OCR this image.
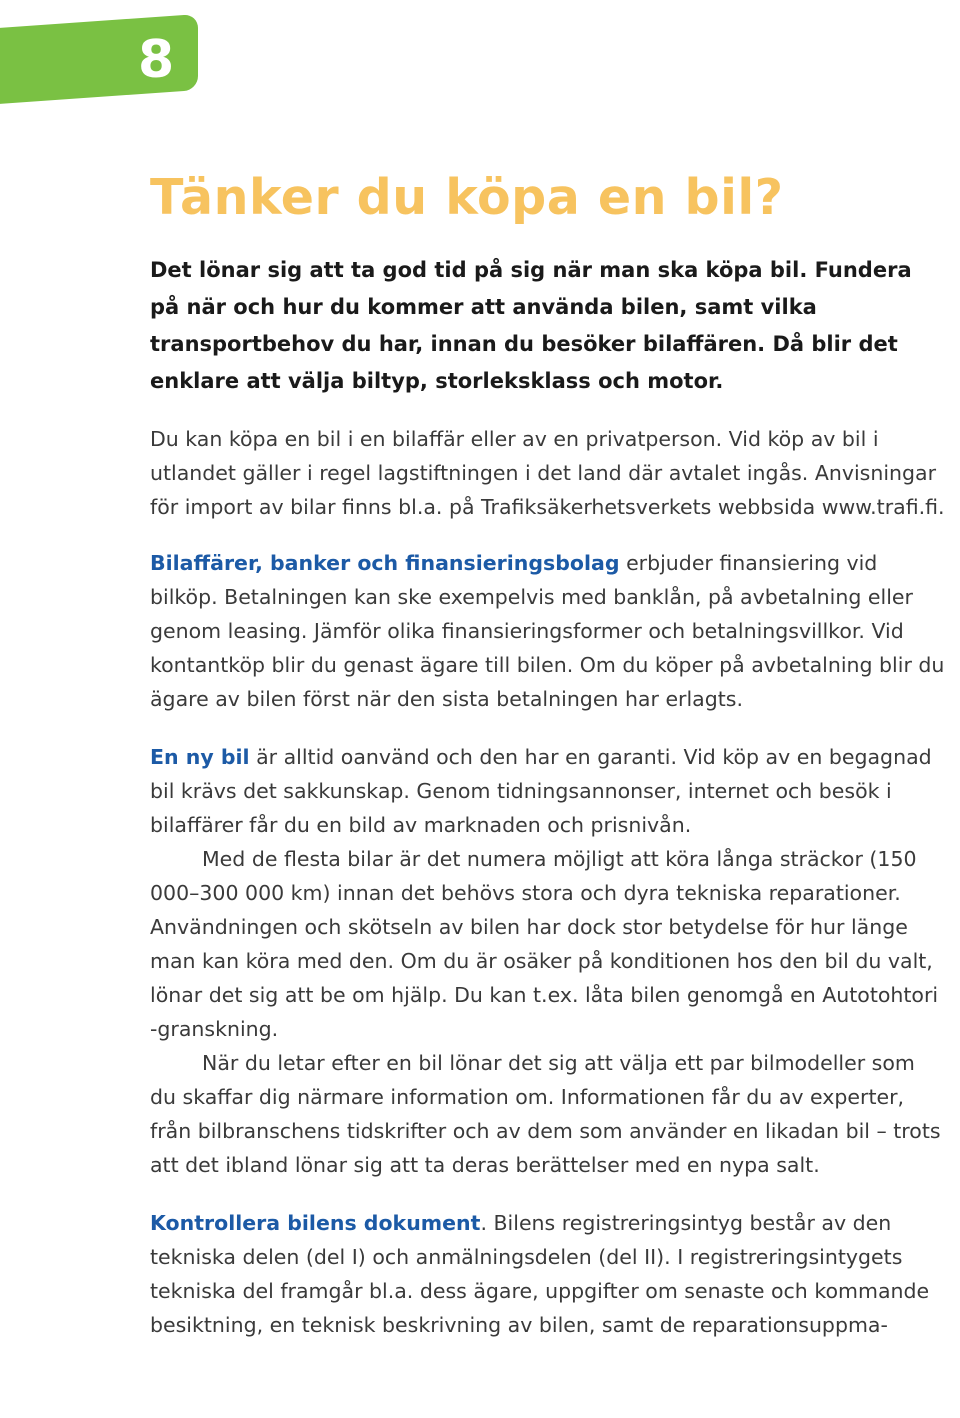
8
Tänker du köpa en bil?

Det lönar sig att ta god tid på sig när man ska köpa bil. Fundera på när och hur du kommer att använda bilen, samt vilka transportbehov du har, innan du besöker bilaffären. Då blir det enklare att välja biltyp, storleksklass och motor.

Du kan köpa en bil i en bilaffär eller av en privatperson. Vid köp av bil i utlandet gäller i regel lagstiftningen i det land där avtalet ingås. Anvisningar för import av bilar finns bl.a. på Trafiksäkerhetsverkets webbsida www.trafi.fi.

Bilaffärer, banker och finansieringsbolag erbjuder finansiering vid bilköp. Betalningen kan ske exempelvis med banklån, på avbetalning eller genom leasing. Jämför olika finansieringsformer och betalningsvillkor. Vid kontantköp blir du genast ägare till bilen. Om du köper på avbetalning blir du ägare av bilen först när den sista betalningen har erlagts.

En ny bil är alltid oanvänd och den har en garanti. Vid köp av en begagnad bil krävs det sakkunskap. Genom tidningsannonser, internet och besök i bilaffärer får du en bild av marknaden och prisnivån.

Med de flesta bilar är det numera möjligt att köra långa sträckor (150 000–300 000 km) innan det behövs stora och dyra tekniska reparationer. Användningen och skötseln av bilen har dock stor betydelse för hur länge man kan köra med den. Om du är osäker på konditionen hos den bil du valt, lönar det sig att be om hjälp. Du kan t.ex. låta bilen genomgå en Autotohtori -granskning.

När du letar efter en bil lönar det sig att välja ett par bilmodeller som du skaffar dig närmare information om. Informationen får du av experter, från bilbranschens tidskrifter och av dem som använder en likadan bil – trots att det ibland lönar sig att ta deras berättelser med en nypa salt.

Kontrollera bilens dokument. Bilens registreringsintyg består av den tekniska delen (del I) och anmälningsdelen (del II). I registreringsintygets tekniska del framgår bl.a. dess ägare, uppgifter om senaste och kommande besiktning, en teknisk beskrivning av bilen, samt de reparationsuppma-
